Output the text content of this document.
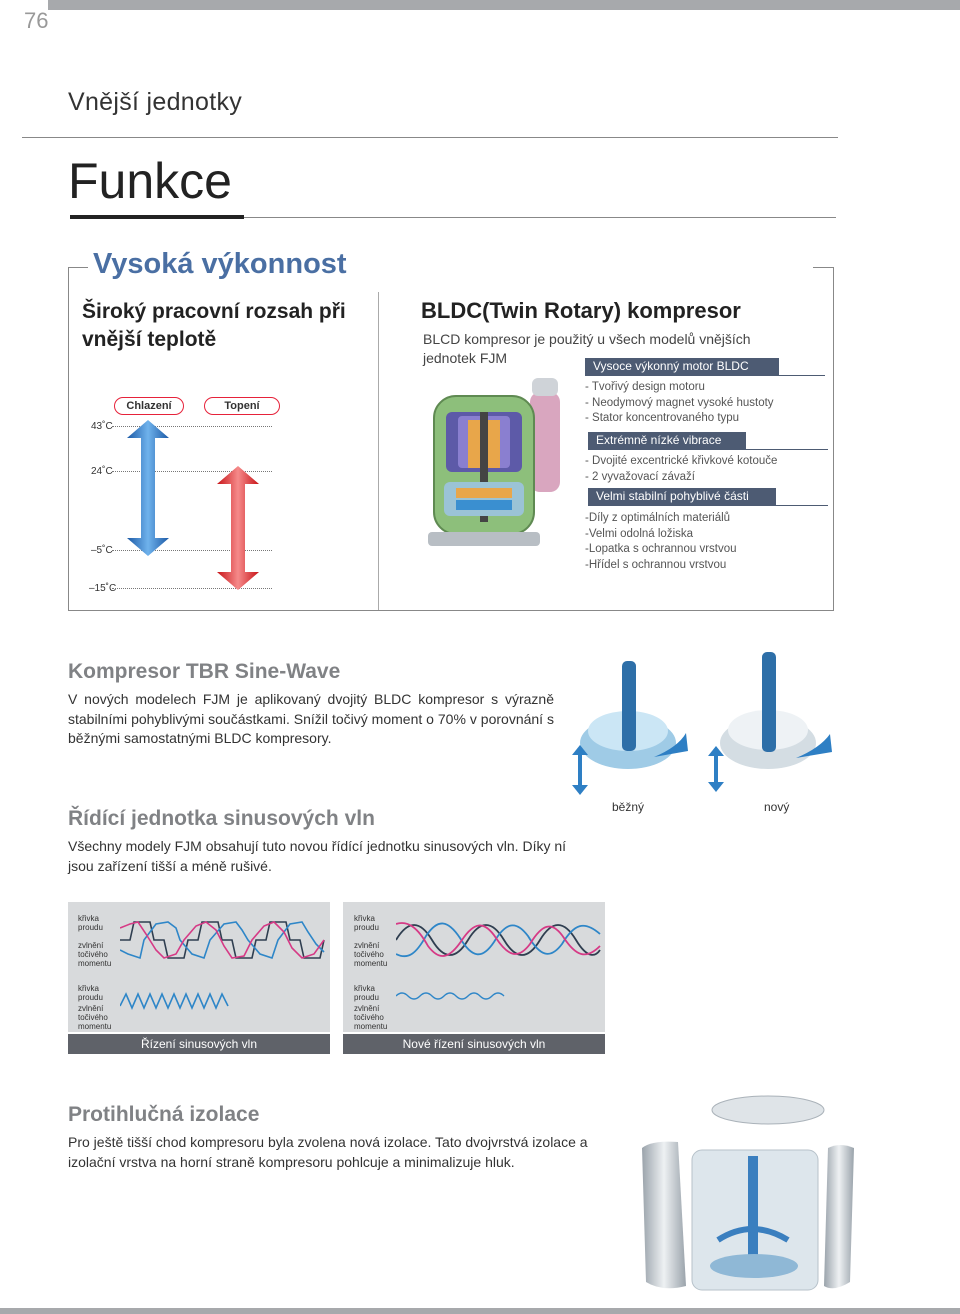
76
Vnější jednotky
Funkce
Vysoká výkonnost
Široký pracovní rozsah při vnější teplotě
Chlazení	Topení
43˚C
24˚C
–5˚C
–15˚C
BLDC(Twin Rotary) kompresor
BLCD kompresor je použitý u všech modelů vnějších jednotek FJM	Vysoce výkonný motor BLDC
- Tvořivý design motoru
- Neodymový magnet vysoké hustoty
- Stator koncentrovaného typu
Extrémně nízké vibrace
- Dvojité excentrické křivkové kotouče
- 2 vyvažovací závaží
Velmi stabilní pohyblivé části
-Díly z optimálních materiálů
-Velmi odolná ložiska
-Lopatka s ochrannou vrstvou
-Hřídel s ochrannou vrstvou
Kompresor TBR Sine-Wave
V nových modelech FJM je aplikovaný dvojitý BLDC kompresor s výrazně stabilními pohyblivými součástkami. Snížil točivý moment o 70% v porovnání s běžnými samostatnými BLDC kompresory.
běžný	nový
Řídící jednotka sinusových vln
Všechny modely FJM obsahují tuto novou řídící jednotku sinusových vln. Díky ní jsou zařízení tišší a méně rušivé.
křivka proudu
zvlnění točivého momentu
křivka proudu
zvlnění točivého momentu
křivka proudu
zvlnění točivého momentu
křivka proudu
zvlnění točivého momentu
Řízení sinusových vln	Nové řízení sinusových vln
Protihlučná izolace
Pro ještě tišší chod kompresoru byla zvolena nová izolace. Tato dvojvrstvá izolace a izolační vrstva na horní straně kompresoru pohlcuje a minimalizuje hluk.
